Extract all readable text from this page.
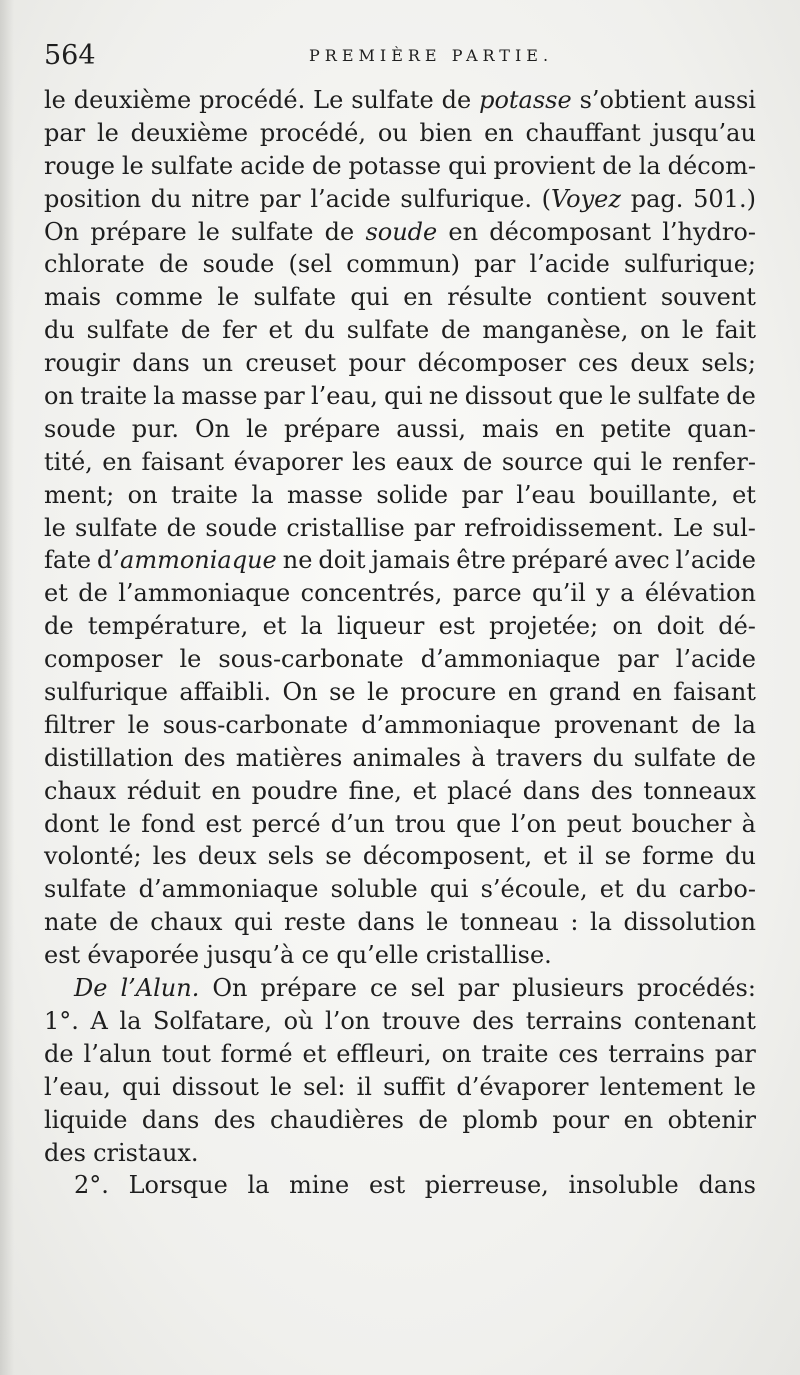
564	PREMIÈRE PARTIE.
le deuxième procédé. Le sulfate de potasse s’obtient aussi
par le deuxième procédé, ou bien en chauffant jusqu’au
rouge le sulfate acide de potasse qui provient de la décom-
position du nitre par l’acide sulfurique. (Voyez pag. 501.)
On prépare le sulfate de soude en décomposant l’hydro-
chlorate de soude (sel commun) par l’acide sulfurique;
mais comme le sulfate qui en résulte contient souvent
du sulfate de fer et du sulfate de manganèse, on le fait
rougir dans un creuset pour décomposer ces deux sels;
on traite la masse par l’eau, qui ne dissout que le sulfate de
soude pur. On le prépare aussi, mais en petite quan-
tité, en faisant évaporer les eaux de source qui le renfer-
ment; on traite la masse solide par l’eau bouillante, et
le sulfate de soude cristallise par refroidissement. Le sul-
fate d’ammoniaque ne doit jamais être préparé avec l’acide
et de l’ammoniaque concentrés, parce qu’il y a élévation
de température, et la liqueur est projetée; on doit dé-
composer le sous-carbonate d’ammoniaque par l’acide
sulfurique affaibli. On se le procure en grand en faisant
filtrer le sous-carbonate d’ammoniaque provenant de la
distillation des matières animales à travers du sulfate de
chaux réduit en poudre fine, et placé dans des tonneaux
dont le fond est percé d’un trou que l’on peut boucher à
volonté; les deux sels se décomposent, et il se forme du
sulfate d’ammoniaque soluble qui s’écoule, et du carbo-
nate de chaux qui reste dans le tonneau : la dissolution
est évaporée jusqu’à ce qu’elle cristallise.
De l’Alun. On prépare ce sel par plusieurs procédés:
1°. A la Solfatare, où l’on trouve des terrains contenant
de l’alun tout formé et effleuri, on traite ces terrains par
l’eau, qui dissout le sel: il suffit d’évaporer lentement le
liquide dans des chaudières de plomb pour en obtenir
des cristaux.
2°. Lorsque la mine est pierreuse, insoluble dans
